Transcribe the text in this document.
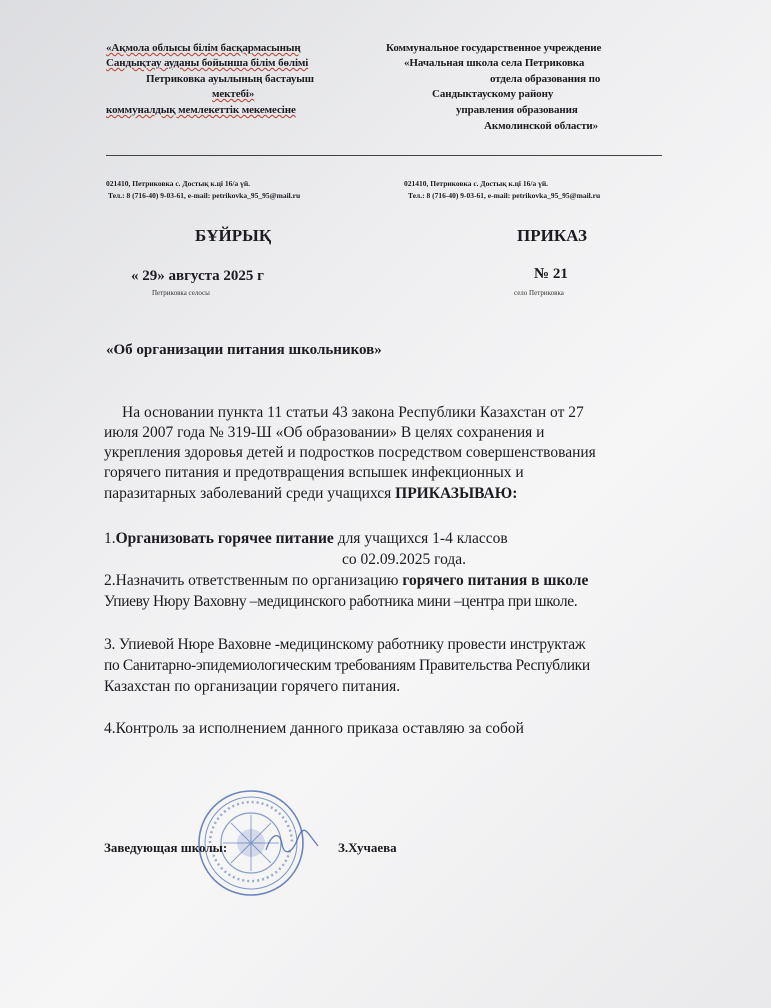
«Ақмола облысы білім басқармасының
Сандықтау ауданы бойынша білім бөлімі
Петриковка ауылының бастауыш
мектебі»
коммуналдық мемлекеттік мекемесіне
Коммунальное государственное учреждение
«Начальная школа села Петриковка
отдела образования по
Сандыктаускому району
управления образования
Акмолинской области»
021410, Петриковка с. Достық к.ці 16/а үй.
Тел.: 8 (716-40) 9-03-61, e-mail: petrikovka_95_95@mail.ru
021410, Петриковка с. Достық к.ці 16/а үй.
Тел.: 8 (716-40) 9-03-61, e-mail: petrikovka_95_95@mail.ru
БҰЙРЫҚ	ПРИКАЗ
« 29» августа 2025 г
Петриковка селосы
№ 21
село Петриковка
«Об организации питания школьников»
На основании пункта 11 статьи 43 закона Республики Казахстан от 27
июля 2007 года № 319-Ш «Об образовании» В целях сохранения и
укрепления здоровья детей и подростков посредством совершенствования
горячего питания и предотвращения вспышек инфекционных и
паразитарных заболеваний среди учащихся ПРИКАЗЫВАЮ:
1.Организовать горячее питание для учащихся 1-4 классов
со 02.09.2025 года.
2.Назначить ответственным по организацию горячего питания в школе
Упиеву Нюру Ваховну –медицинского работника мини –центра при школе.
3. Упиевой Нюре Ваховне -медицинскому работнику провести инструктаж
по Санитарно-эпидемиологическим требованиям Правительства Республики
Казахстан по организации горячего питания.
4.Контроль за исполнением данного приказа оставляю за собой
Заведующая школы:	З.Хучаева
